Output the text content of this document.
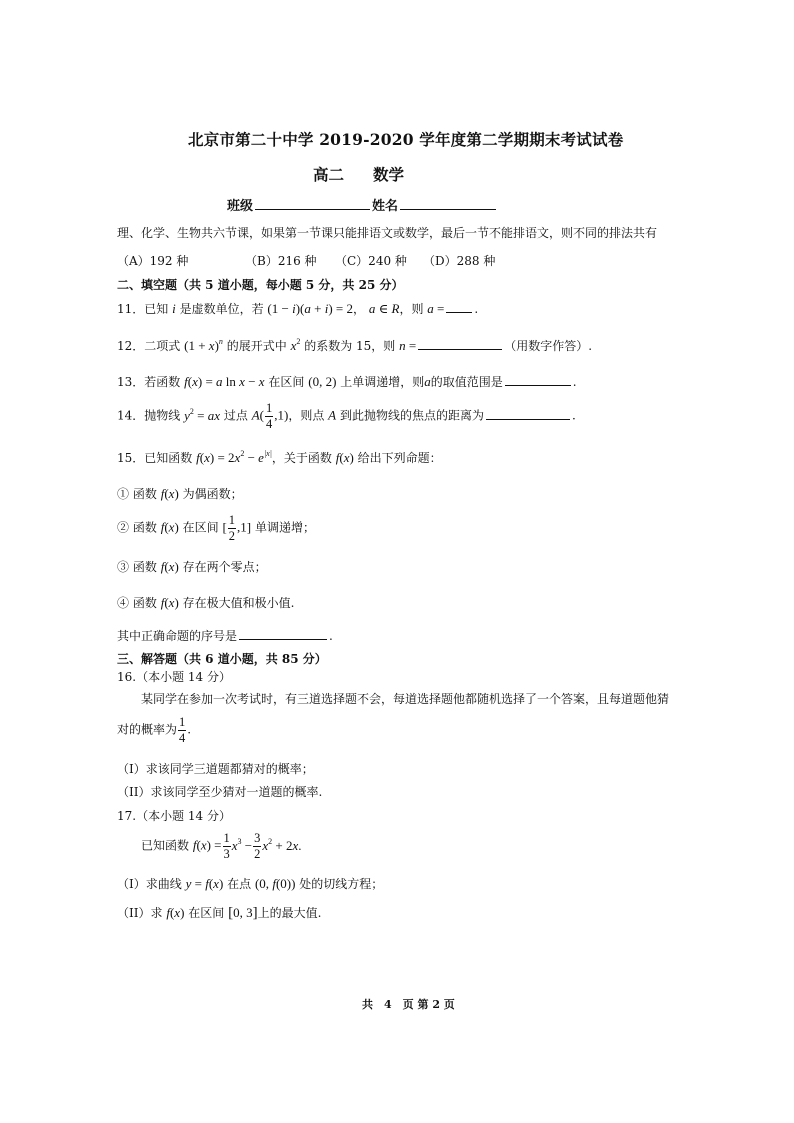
北京市第二十中学 2019-2020 学年度第二学期期末考试试卷
高二 数学
班级	姓名
理、化学、生物共六节课，如果第一节课只能排语文或数学，最后一节不能排语文，则不同的排法共有
（A）192 种	（B）216 种 （C）240 种 （D）288 种
二、填空题（共 5 道小题，每小题 5 分，共 25 分）
11．已知 i 是虚数单位，若 (1 − i)(a + i) = 2， a ∈ R，则 a =	.
12．二项式 $(1 + x)^n$ 的展开式中 $x^2$ 的系数为 15，则 n =	（用数字作答）.
13．若函数 f(x) = a ln x − x 在区间 (0, 2) 上单调递增，则a的取值范围是	.
14．抛物线 $y^2$ = ax 过点 $A( \frac{1}{4} ,1)$，则点 A 到此抛物线的焦点的距离为	.
15．已知函数 $f(x) = 2x^2 - e^{|x|}$，关于函数 f(x) 给出下列命题：
① 函数 f(x) 为偶函数；
② 函数 f(x) 在区间 [ $\frac{1}{2} ,1$] 单调递增；
③ 函数 f(x) 存在两个零点；
④ 函数 f(x) 存在极大值和极小值.
其中正确命题的序号是	.
三、解答题（共 6 道小题，共 85 分）
16.（本小题 14 分）
某同学在参加一次考试时，有三道选择题不会，每道选择题他都随机选择了一个答案，且每道题他猜
对的概率为 $\frac{1}{4}$ .
（I）求该同学三道题都猜对的概率；
（II）求该同学至少猜对一道题的概率.
17.（本小题 14 分）
已知函数 $f(x) = \frac{1}{3} x^3 - \frac{3}{2} x^2 + 2x$.
（I）求曲线 y = f(x) 在点 (0, f(0)) 处的切线方程；
（II）求 f(x) 在区间 [0, 3]上的最大值.
共　4　页 第 2 页
